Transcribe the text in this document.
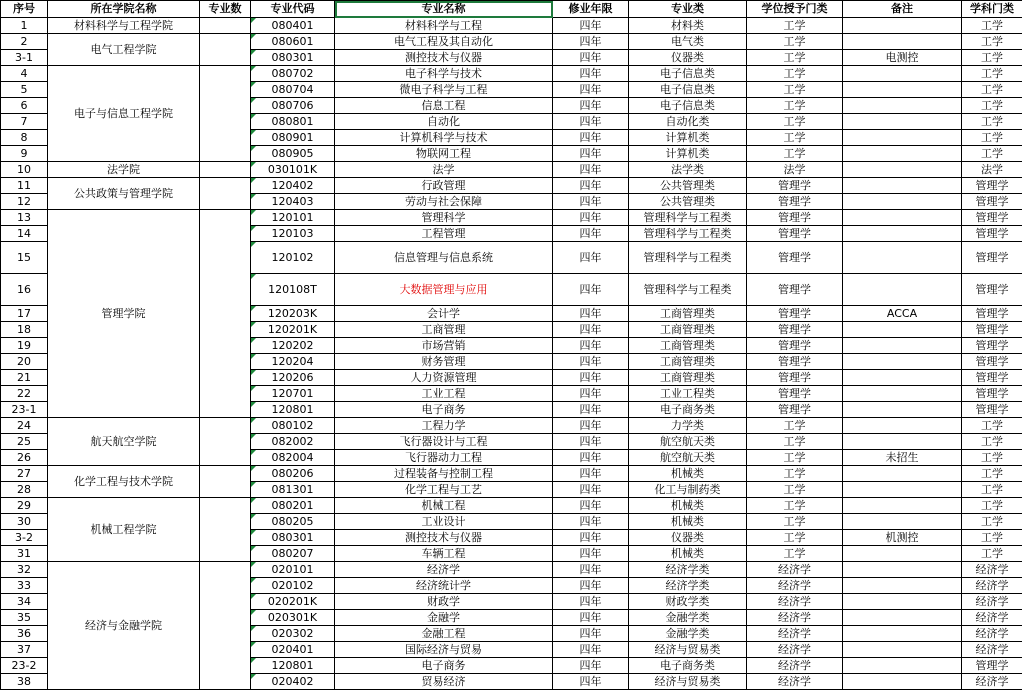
序号	所在学院名称	专业数	专业代码	专业名称	修业年限	专业类	学位授予门类	备注	学科门类
1	材料科学与工程学院		080401	材料科学与工程	四年	材料类	工学		工学
2	电气工程学院		080601	电气工程及其自动化	四年	电气类	工学		工学
3-1			080301	测控技术与仪器	四年	仪器类	工学	电测控	工学
4	电子与信息工程学院		080702	电子科学与技术	四年	电子信息类	工学		工学
5			080704	微电子科学与工程	四年	电子信息类	工学		工学
6			080706	信息工程	四年	电子信息类	工学		工学
7			080801	自动化	四年	自动化类	工学		工学
8			080901	计算机科学与技术	四年	计算机类	工学		工学
9			080905	物联网工程	四年	计算机类	工学		工学
10	法学院		030101K	法学	四年	法学类	法学		法学
11	公共政策与管理学院		120402	行政管理	四年	公共管理类	管理学		管理学
12			120403	劳动与社会保障	四年	公共管理类	管理学		管理学
13	管理学院		120101	管理科学	四年	管理科学与工程类	管理学		管理学
14			120103	工程管理	四年	管理科学与工程类	管理学		管理学
15			120102	信息管理与信息系统	四年	管理科学与工程类	管理学		管理学
16			120108T	大数据管理与应用	四年	管理科学与工程类	管理学		管理学
17			120203K	会计学	四年	工商管理类	管理学	ACCA	管理学
18			120201K	工商管理	四年	工商管理类	管理学		管理学
19			120202	市场营销	四年	工商管理类	管理学		管理学
20			120204	财务管理	四年	工商管理类	管理学		管理学
21			120206	人力资源管理	四年	工商管理类	管理学		管理学
22			120701	工业工程	四年	工业工程类	管理学		管理学
23-1			120801	电子商务	四年	电子商务类	管理学		管理学
24	航天航空学院		080102	工程力学	四年	力学类	工学		工学
25			082002	飞行器设计与工程	四年	航空航天类	工学		工学
26			082004	飞行器动力工程	四年	航空航天类	工学	未招生	工学
27	化学工程与技术学院		080206	过程装备与控制工程	四年	机械类	工学		工学
28			081301	化学工程与工艺	四年	化工与制药类	工学		工学
29	机械工程学院		080201	机械工程	四年	机械类	工学		工学
30			080205	工业设计	四年	机械类	工学		工学
3-2			080301	测控技术与仪器	四年	仪器类	工学	机测控	工学
31			080207	车辆工程	四年	机械类	工学		工学
32	经济与金融学院		020101	经济学	四年	经济学类	经济学		经济学
33			020102	经济统计学	四年	经济学类	经济学		经济学
34			020201K	财政学	四年	财政学类	经济学		经济学
35			020301K	金融学	四年	金融学类	经济学		经济学
36			020302	金融工程	四年	金融学类	经济学		经济学
37			020401	国际经济与贸易	四年	经济与贸易类	经济学		经济学
23-2			120801	电子商务	四年	电子商务类	经济学		管理学
38			020402	贸易经济	四年	经济与贸易类	经济学		经济学
